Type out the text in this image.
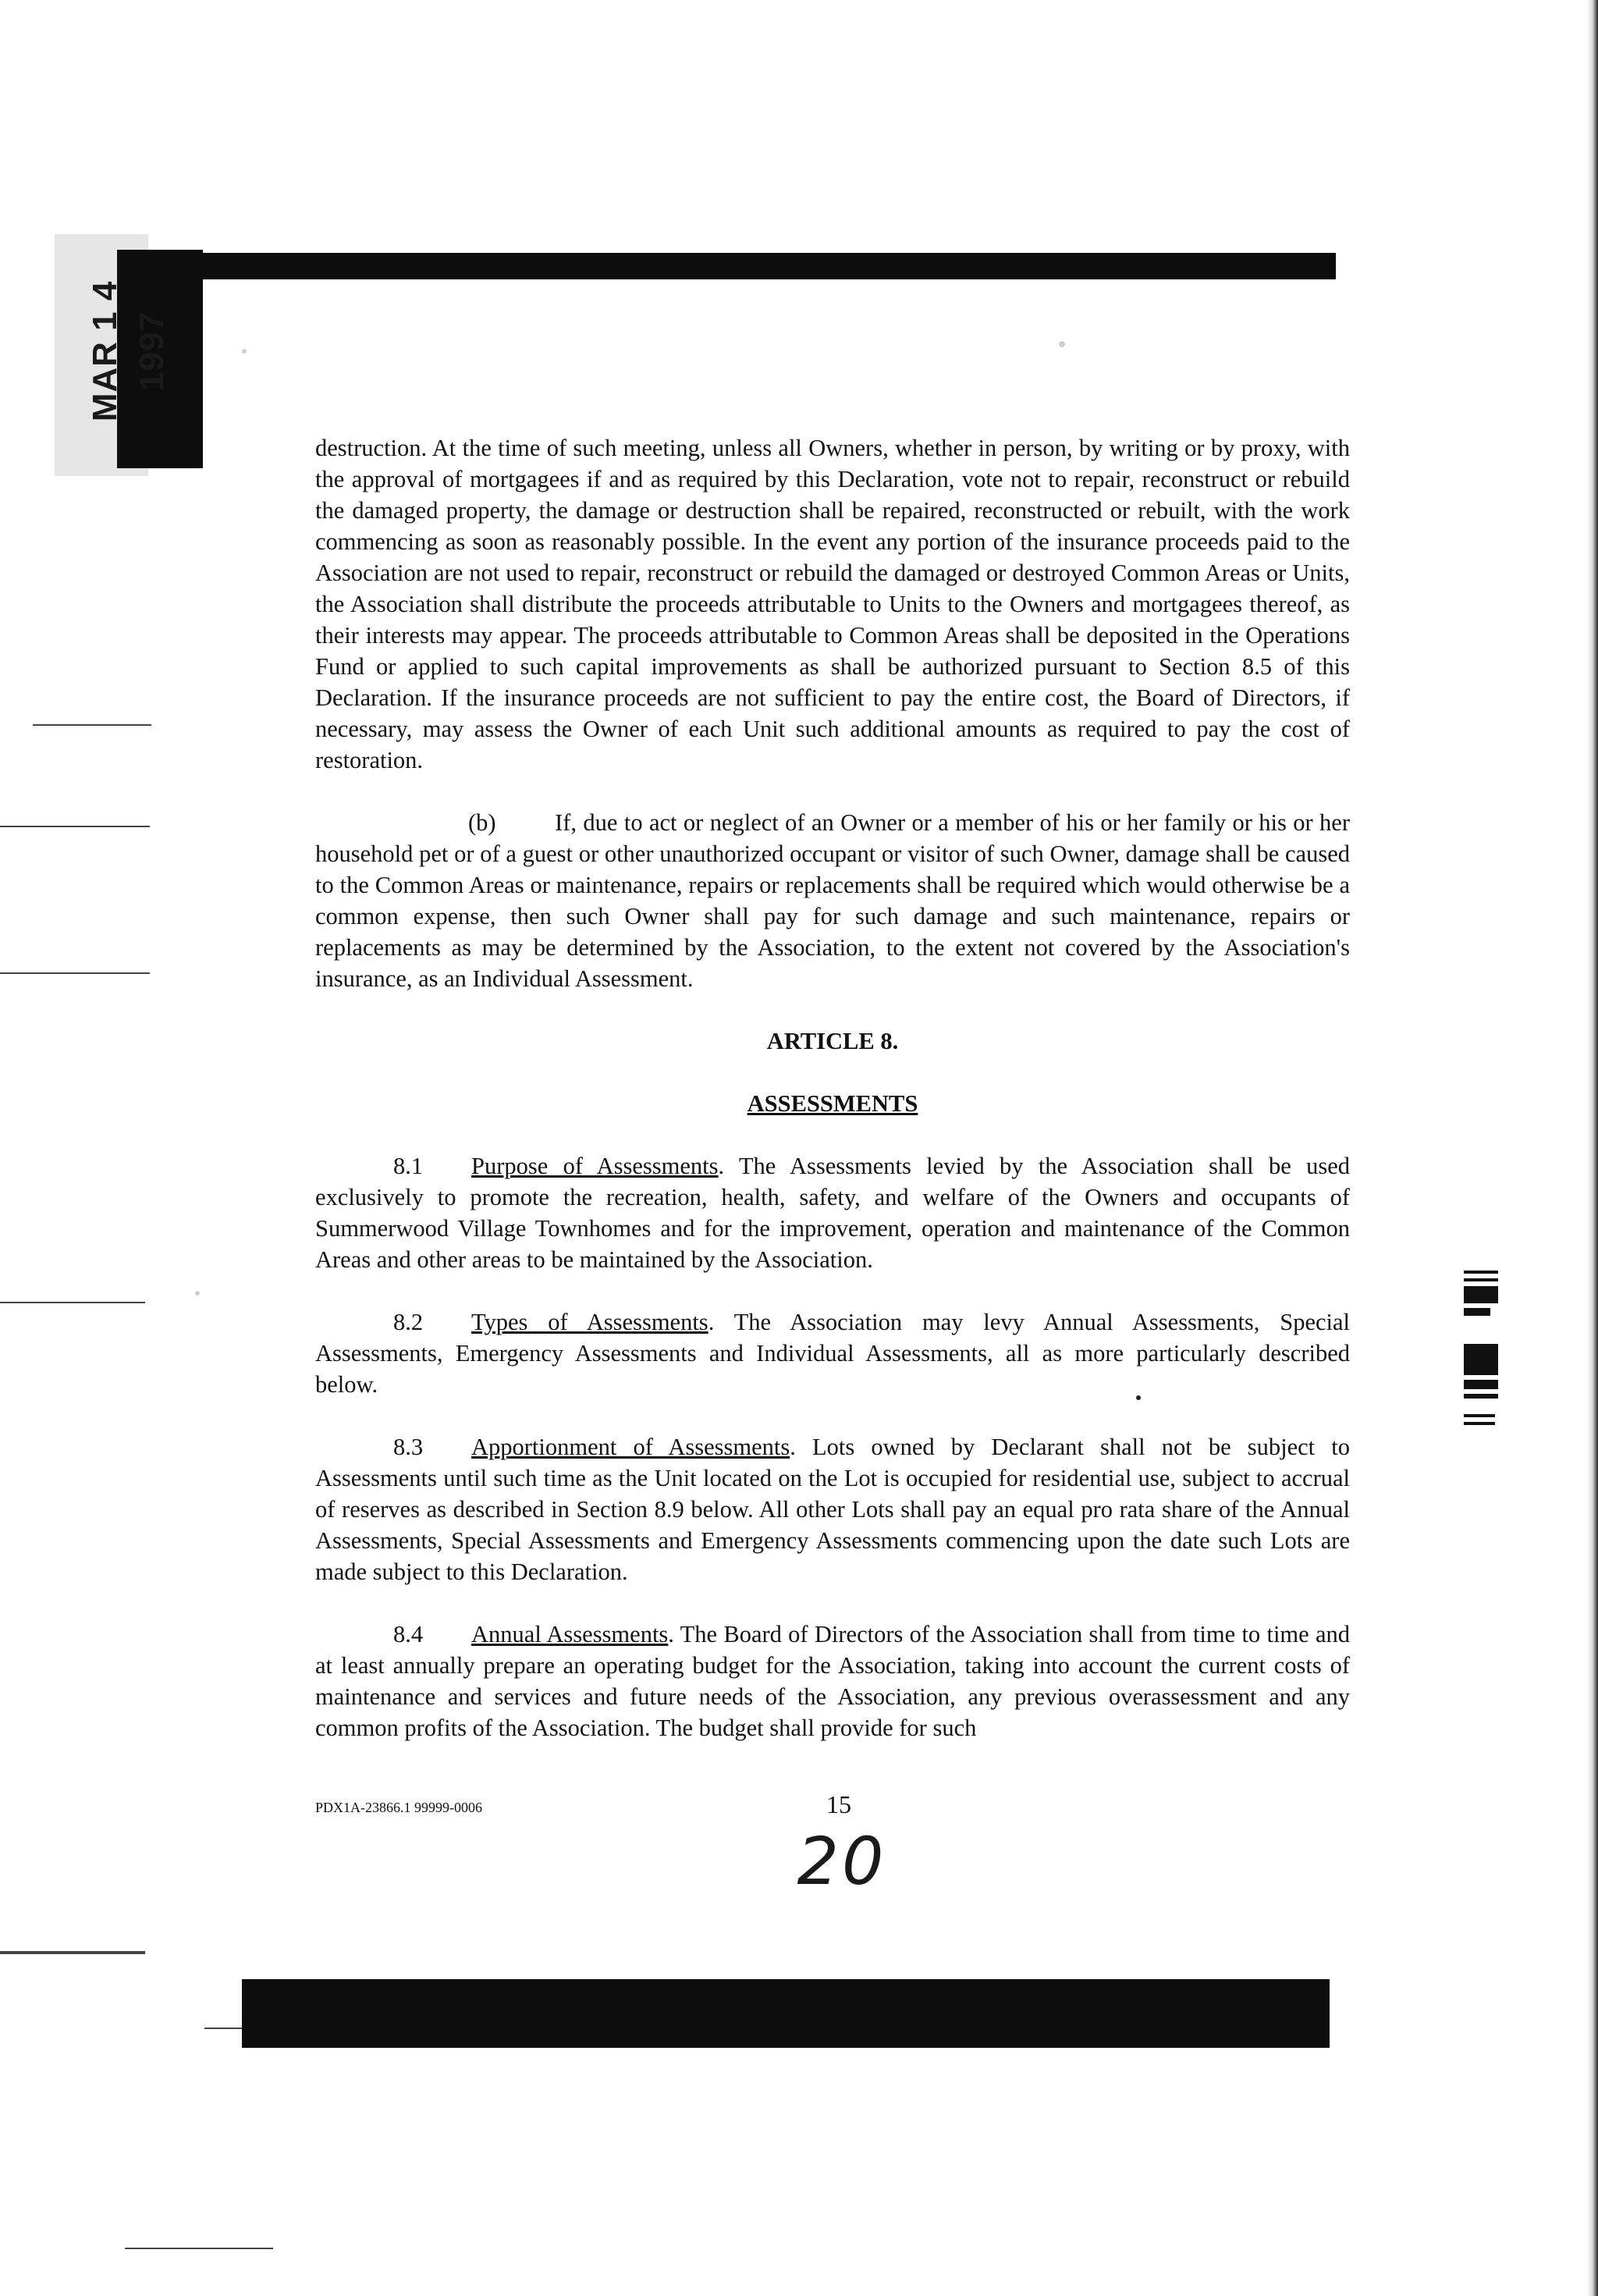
MAR 1 4 1997

destruction. At the time of such meeting, unless all Owners, whether in person, by writing or by proxy, with the approval of mortgagees if and as required by this Declaration, vote not to repair, reconstruct or rebuild the damaged property, the damage or destruction shall be repaired, reconstructed or rebuilt, with the work commencing as soon as reasonably possible. In the event any portion of the insurance proceeds paid to the Association are not used to repair, reconstruct or rebuild the damaged or destroyed Common Areas or Units, the Association shall distribute the proceeds attributable to Units to the Owners and mortgagees thereof, as their interests may appear. The proceeds attributable to Common Areas shall be deposited in the Operations Fund or applied to such capital improvements as shall be authorized pursuant to Section 8.5 of this Declaration. If the insurance proceeds are not sufficient to pay the entire cost, the Board of Directors, if necessary, may assess the Owner of each Unit such additional amounts as required to pay the cost of restoration.

(b) If, due to act or neglect of an Owner or a member of his or her family or his or her household pet or of a guest or other unauthorized occupant or visitor of such Owner, damage shall be caused to the Common Areas or maintenance, repairs or replacements shall be required which would otherwise be a common expense, then such Owner shall pay for such damage and such maintenance, repairs or replacements as may be determined by the Association, to the extent not covered by the Association's insurance, as an Individual Assessment.

ARTICLE 8.

ASSESSMENTS

8.1 Purpose of Assessments. The Assessments levied by the Association shall be used exclusively to promote the recreation, health, safety, and welfare of the Owners and occupants of Summerwood Village Townhomes and for the improvement, operation and maintenance of the Common Areas and other areas to be maintained by the Association.

8.2 Types of Assessments. The Association may levy Annual Assessments, Special Assessments, Emergency Assessments and Individual Assessments, all as more particularly described below.

8.3 Apportionment of Assessments. Lots owned by Declarant shall not be subject to Assessments until such time as the Unit located on the Lot is occupied for residential use, subject to accrual of reserves as described in Section 8.9 below. All other Lots shall pay an equal pro rata share of the Annual Assessments, Special Assessments and Emergency Assessments commencing upon the date such Lots are made subject to this Declaration.

8.4 Annual Assessments. The Board of Directors of the Association shall from time to time and at least annually prepare an operating budget for the Association, taking into account the current costs of maintenance and services and future needs of the Association, any previous overassessment and any common profits of the Association. The budget shall provide for such

PDX1A-23866.1 99999-0006	15
20
